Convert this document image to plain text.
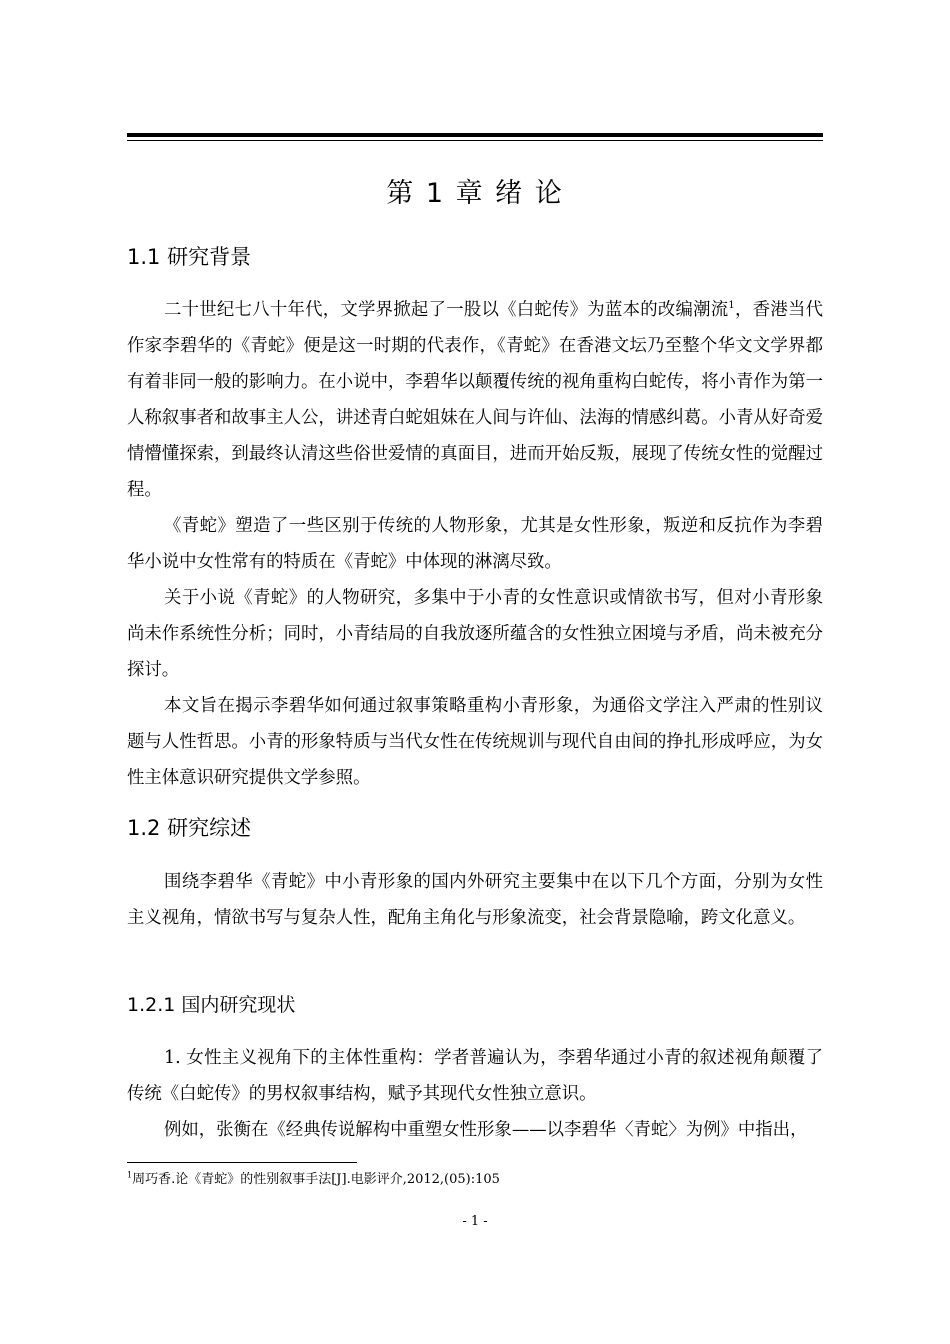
第 1 章 绪 论
1.1 研究背景

二十世纪七八十年代，文学界掀起了一股以《白蛇传》为蓝本的改编潮流$^1$，香港当代作家李碧华的《青蛇》便是这一时期的代表作，《青蛇》在香港文坛乃至整个华文文学界都有着非同一般的影响力。在小说中，李碧华以颠覆传统的视角重构白蛇传，将小青作为第一人称叙事者和故事主人公，讲述青白蛇姐妹在人间与许仙、法海的情感纠葛。小青从好奇爱情懵懂探索，到最终认清这些俗世爱情的真面目，进而开始反叛，展现了传统女性的觉醒过程。

《青蛇》塑造了一些区别于传统的人物形象，尤其是女性形象，叛逆和反抗作为李碧华小说中女性常有的特质在《青蛇》中体现的淋漓尽致。

关于小说《青蛇》的人物研究，多集中于小青的女性意识或情欲书写，但对小青形象尚未作系统性分析；同时，小青结局的自我放逐所蕴含的女性独立困境与矛盾，尚未被充分探讨。

本文旨在揭示李碧华如何通过叙事策略重构小青形象，为通俗文学注入严肃的性别议题与人性哲思。小青的形象特质与当代女性在传统规训与现代自由间的挣扎形成呼应，为女性主体意识研究提供文学参照。

1.2 研究综述

围绕李碧华《青蛇》中小青形象的国内外研究主要集中在以下几个方面，分别为女性主义视角，情欲书写与复杂人性，配角主角化与形象流变，社会背景隐喻，跨文化意义。

1.2.1 国内研究现状

1. 女性主义视角下的主体性重构：学者普遍认为，李碧华通过小青的叙述视角颠覆了传统《白蛇传》的男权叙事结构，赋予其现代女性独立意识。

例如，张衡在《经典传说解构中重塑女性形象——以李碧华〈青蛇〉为例》中指出，

$^1$周巧香.论《青蛇》的性别叙事手法[J].电影评介,2012,(05):105
- 1 -
